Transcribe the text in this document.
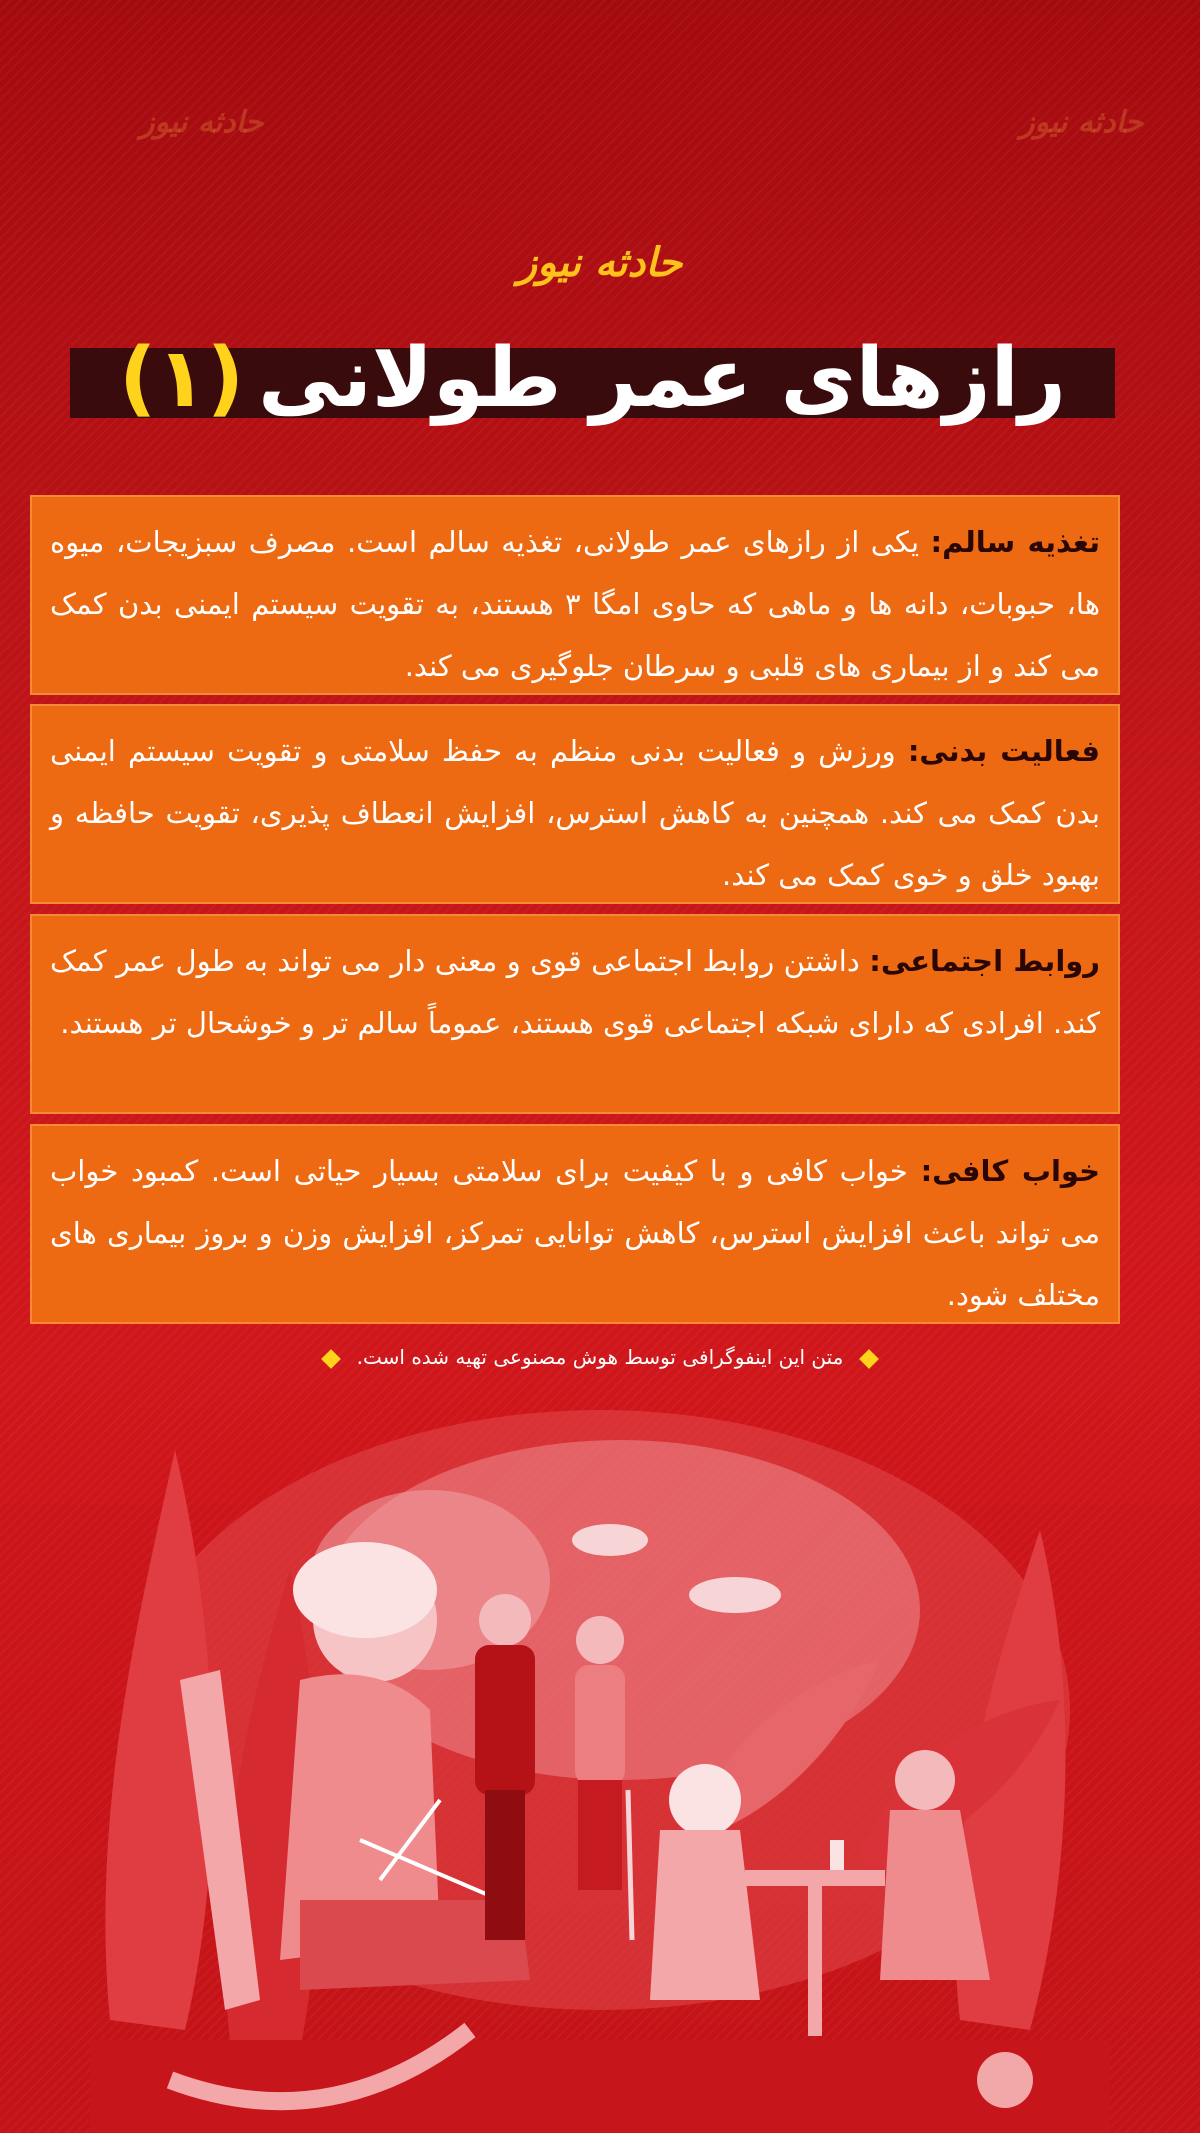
حادثه نیوز	حادثه نیوز
حادثه نیوز
رازهای عمر طولانی
(۱)
تغذیه سالم: یکی از رازهای عمر طولانی، تغذیه سالم است. مصرف سبزیجات، میوه ها، حبوبات، دانه ها و ماهی که حاوی امگا ۳ هستند، به تقویت سیستم ایمنی بدن کمک می کند و از بیماری های قلبی و سرطان جلوگیری می کند.
فعالیت بدنی: ورزش و فعالیت بدنی منظم به حفظ سلامتی و تقویت سیستم ایمنی بدن کمک می کند. همچنین به کاهش استرس، افزایش انعطاف پذیری، تقویت حافظه و بهبود خلق و خوی کمک می کند.
روابط اجتماعی: داشتن روابط اجتماعی قوی و معنی دار می تواند به طول عمر کمک کند. افرادی که دارای شبکه اجتماعی قوی هستند، عموماً سالم تر و خوشحال تر هستند.
خواب کافی: خواب کافی و با کیفیت برای سلامتی بسیار حیاتی است. کمبود خواب می تواند باعث افزایش استرس، کاهش توانایی تمرکز، افزایش وزن و بروز بیماری های مختلف شود.
متن این اینفوگرافی توسط هوش مصنوعی تهیه شده است.
